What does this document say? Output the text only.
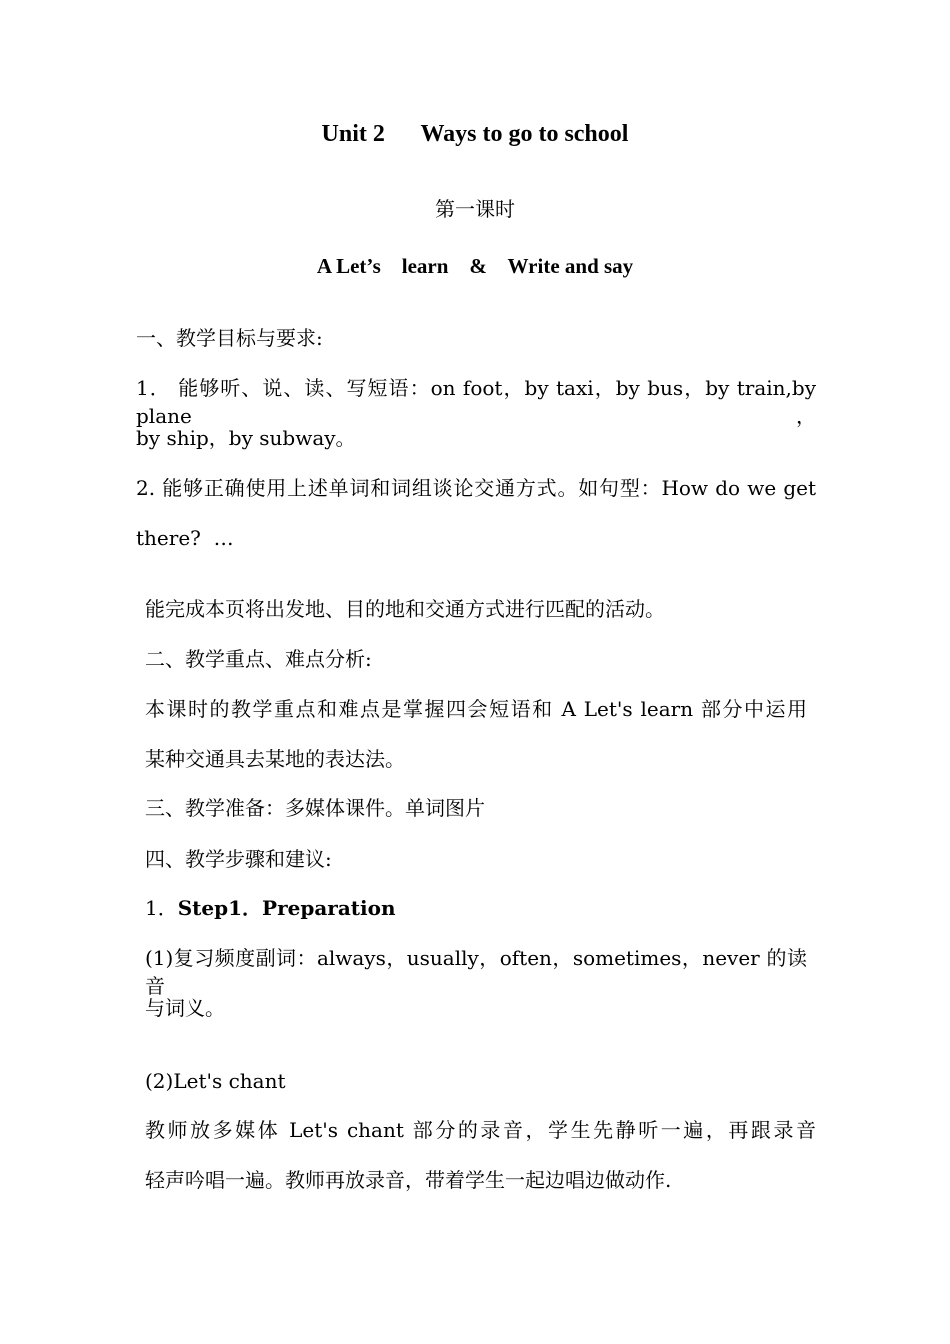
Unit 2      Ways to go to school
第一课时
A Let’s    learn    &    Write and say
一、教学目标与要求:
1． 能够听、说、读、写短语：on foot，by taxi，by bus，by train,by plane，
by ship，by subway。
2. 能够正确使用上述单词和词组谈论交通方式。如句型：How do we get
there?  …
能完成本页将出发地、目的地和交通方式进行匹配的活动。
二、教学重点、难点分析:
本课时的教学重点和难点是掌握四会短语和 A Let's learn 部分中运用
某种交通具去某地的表达法。
三、教学准备：多媒体课件。单词图片
四、教学步骤和建议:
1．Step1．Preparation
(1)复习频度副词：always，usually，often，sometimes，never 的读音
与词义。
(2)Let's chant
教师放多媒体 Let's chant 部分的录音，学生先静听一遍，再跟录音
轻声吟唱一遍。教师再放录音，带着学生一起边唱边做动作.
